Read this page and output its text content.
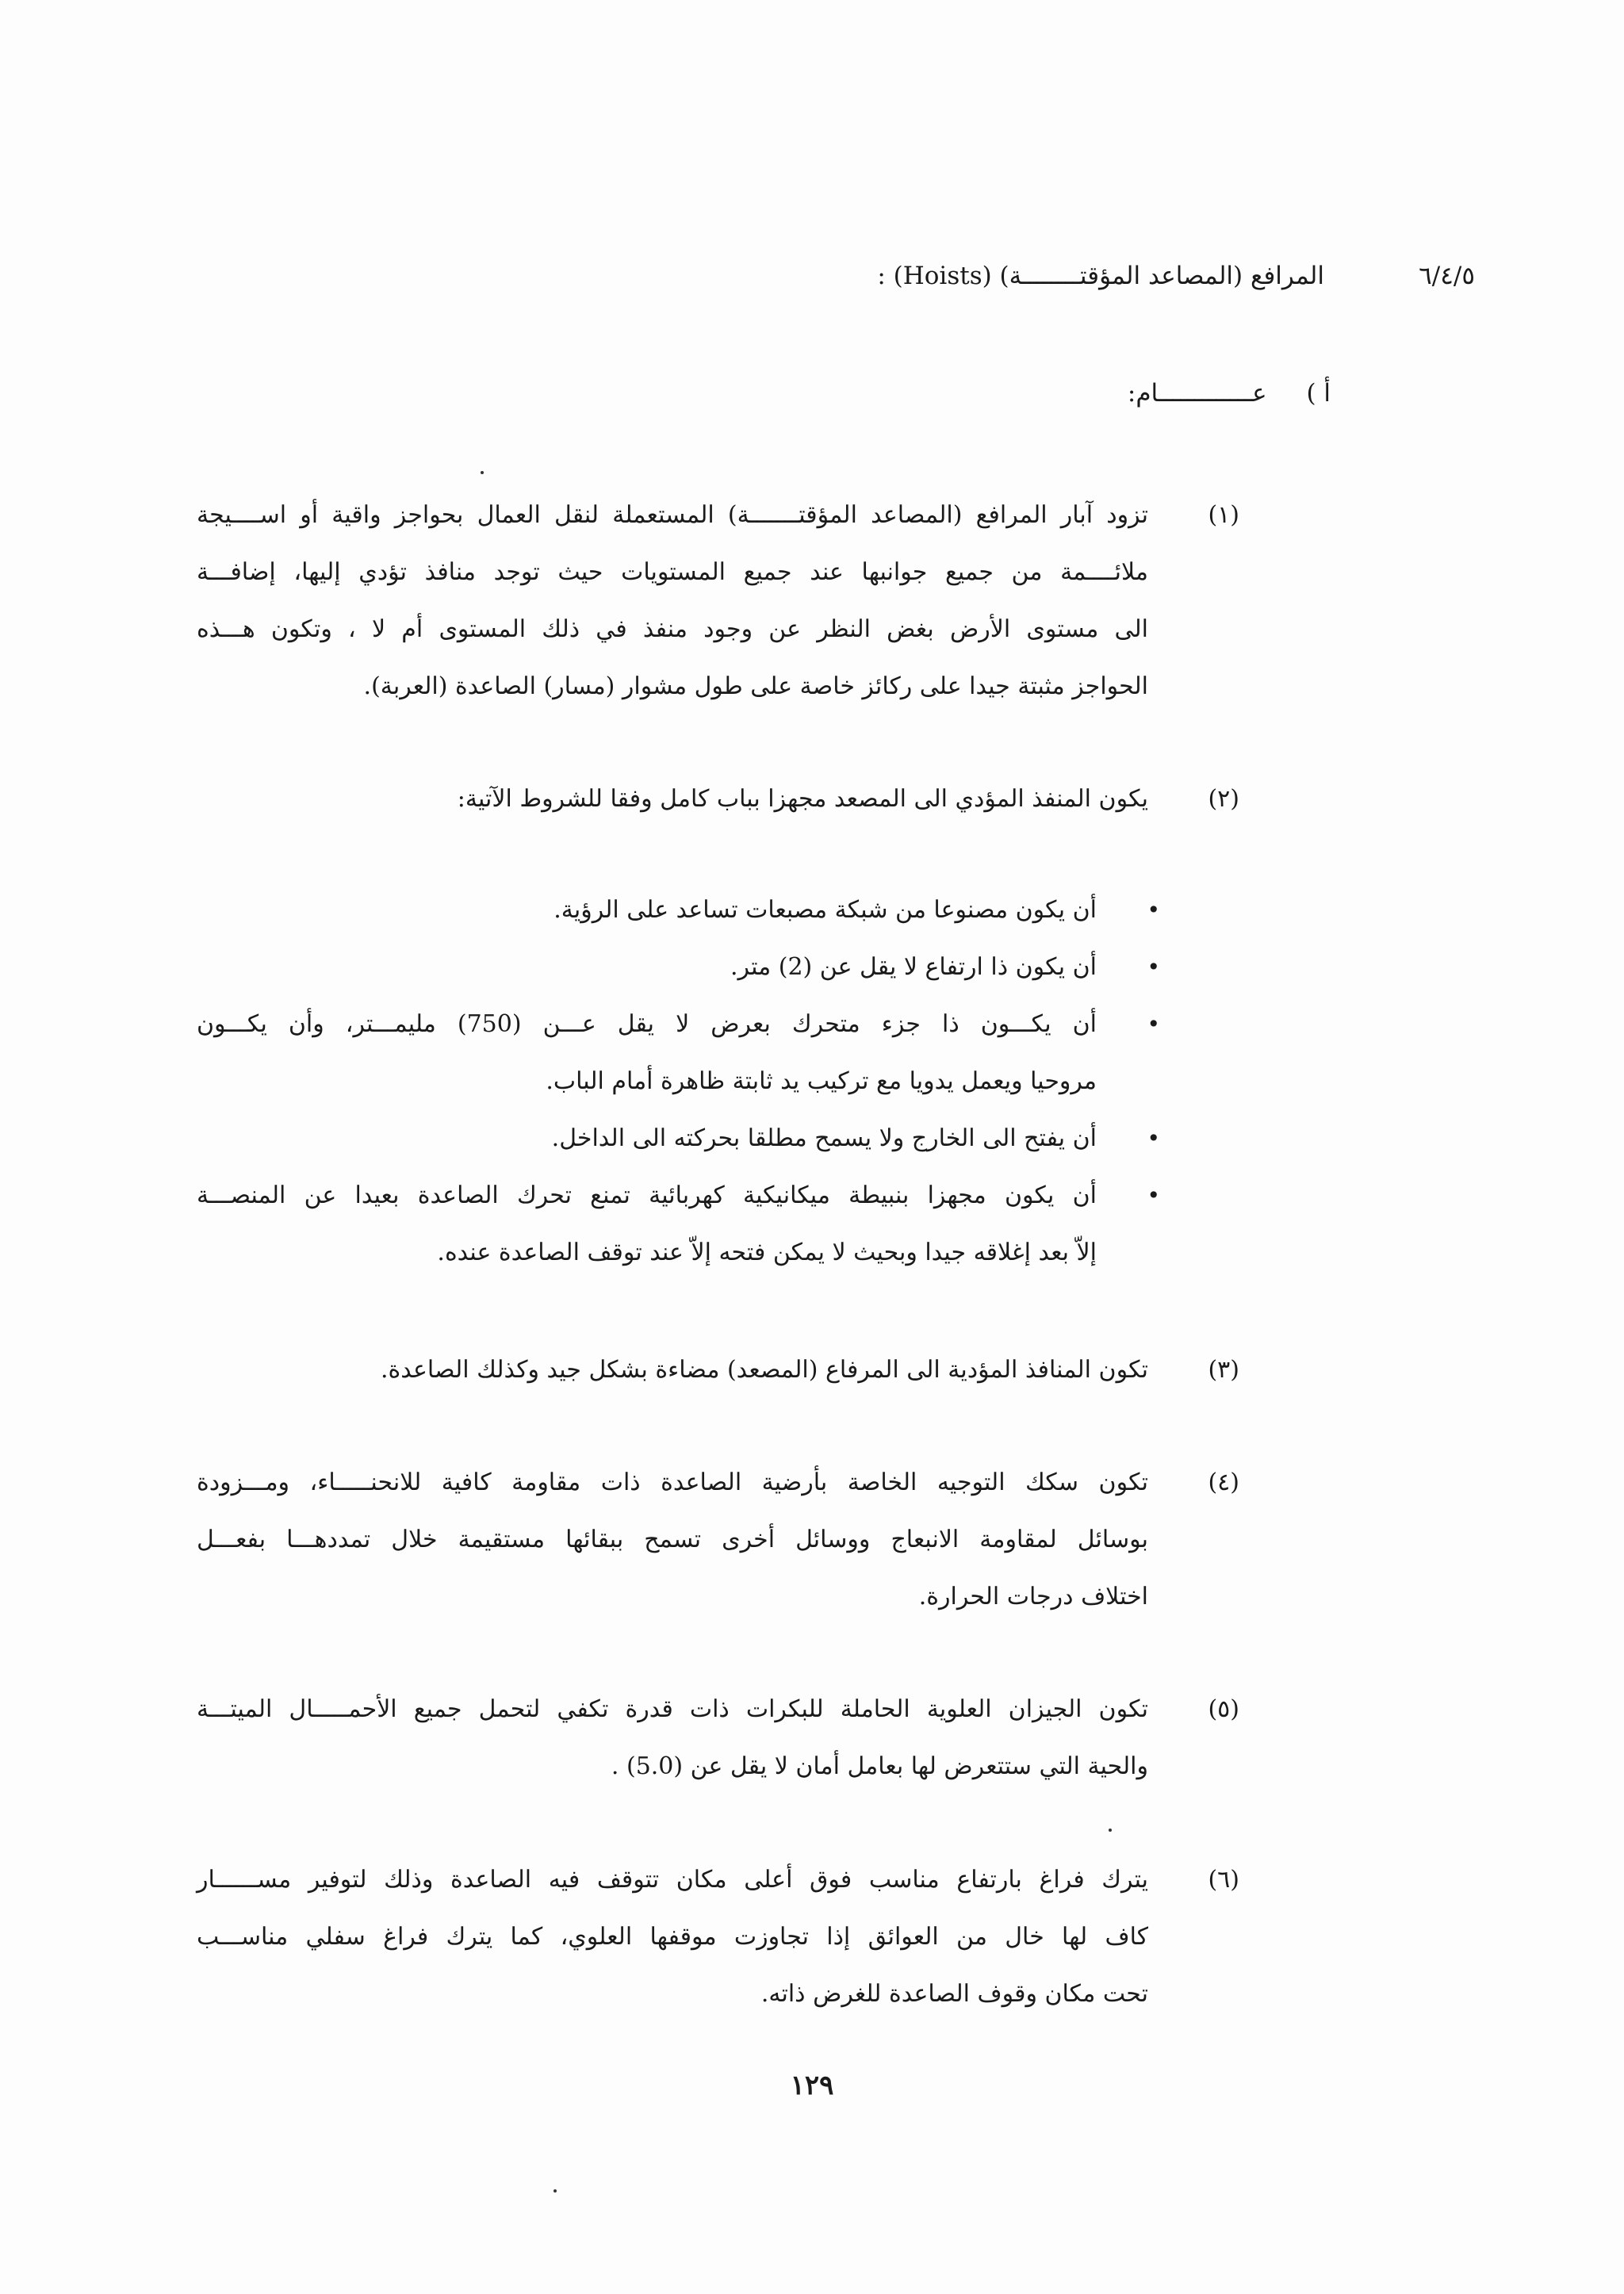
٦/٤/٥
المرافع (المصاعد المؤقتــــــــة) (Hoists) :
أ ) عـــــــــــــام:
(١)
تزود آبار المرافع (المصاعد المؤقتـــــــة) المستعملة لنقل العمال بحواجز واقية أو اســــيجة
ملائــــمة من جميع جوانبها عند جميع المستويات حيث توجد منافذ تؤدي إليها، إضافـــة
الى مستوى الأرض بغض النظر عن وجود منفذ في ذلك المستوى أم لا ، وتكون هـــذه
الحواجز مثبتة جيدا على ركائز خاصة على طول مشوار (مسار) الصاعدة (العربة).
(٢)
يكون المنفذ المؤدي الى المصعد مجهزا بباب كامل وفقا للشروط الآتية:
•
أن يكون مصنوعا من شبكة مصبعات تساعد على الرؤية.
•
أن يكون ذا ارتفاع لا يقل عن (2) متر.
•
أن يكـــون ذا جزء متحرك بعرض لا يقل عـــن (750) مليمـــتر، وأن يكـــون
مروحيا ويعمل يدويا مع تركيب يد ثابتة ظاهرة أمام الباب.
•
أن يفتح الى الخارج ولا يسمح مطلقا بحركته الى الداخل.
•
أن يكون مجهزا بنبيطة ميكانيكية كهربائية تمنع تحرك الصاعدة بعيدا عن المنصـــة
إلاّ بعد إغلاقه جيدا وبحيث لا يمكن فتحه إلاّ عند توقف الصاعدة عنده.
(٣)
تكون المنافذ المؤدية الى المرفاع (المصعد) مضاءة بشكل جيد وكذلك الصاعدة.
(٤)
تكون سكك التوجيه الخاصة بأرضية الصاعدة ذات مقاومة كافية للانحنـــــاء، ومـــزودة
بوسائل لمقاومة الانبعاج ووسائل أخرى تسمح ببقائها مستقيمة خلال تمددهـــا بفعـــل
اختلاف درجات الحرارة.
(٥)
تكون الجيزان العلوية الحاملة للبكرات ذات قدرة تكفي لتحمل جميع الأحمـــــال الميتـــة
والحية التي ستتعرض لها بعامل أمان لا يقل عن (5.0) .
(٦)
يترك فراغ بارتفاع مناسب فوق أعلى مكان تتوقف فيه الصاعدة وذلك لتوفير مســــــار
كاف لها خال من العوائق إذا تجاوزت موقفها العلوي، كما يترك فراغ سفلي مناســـب
تحت مكان وقوف الصاعدة للغرض ذاته.
١٢٩
